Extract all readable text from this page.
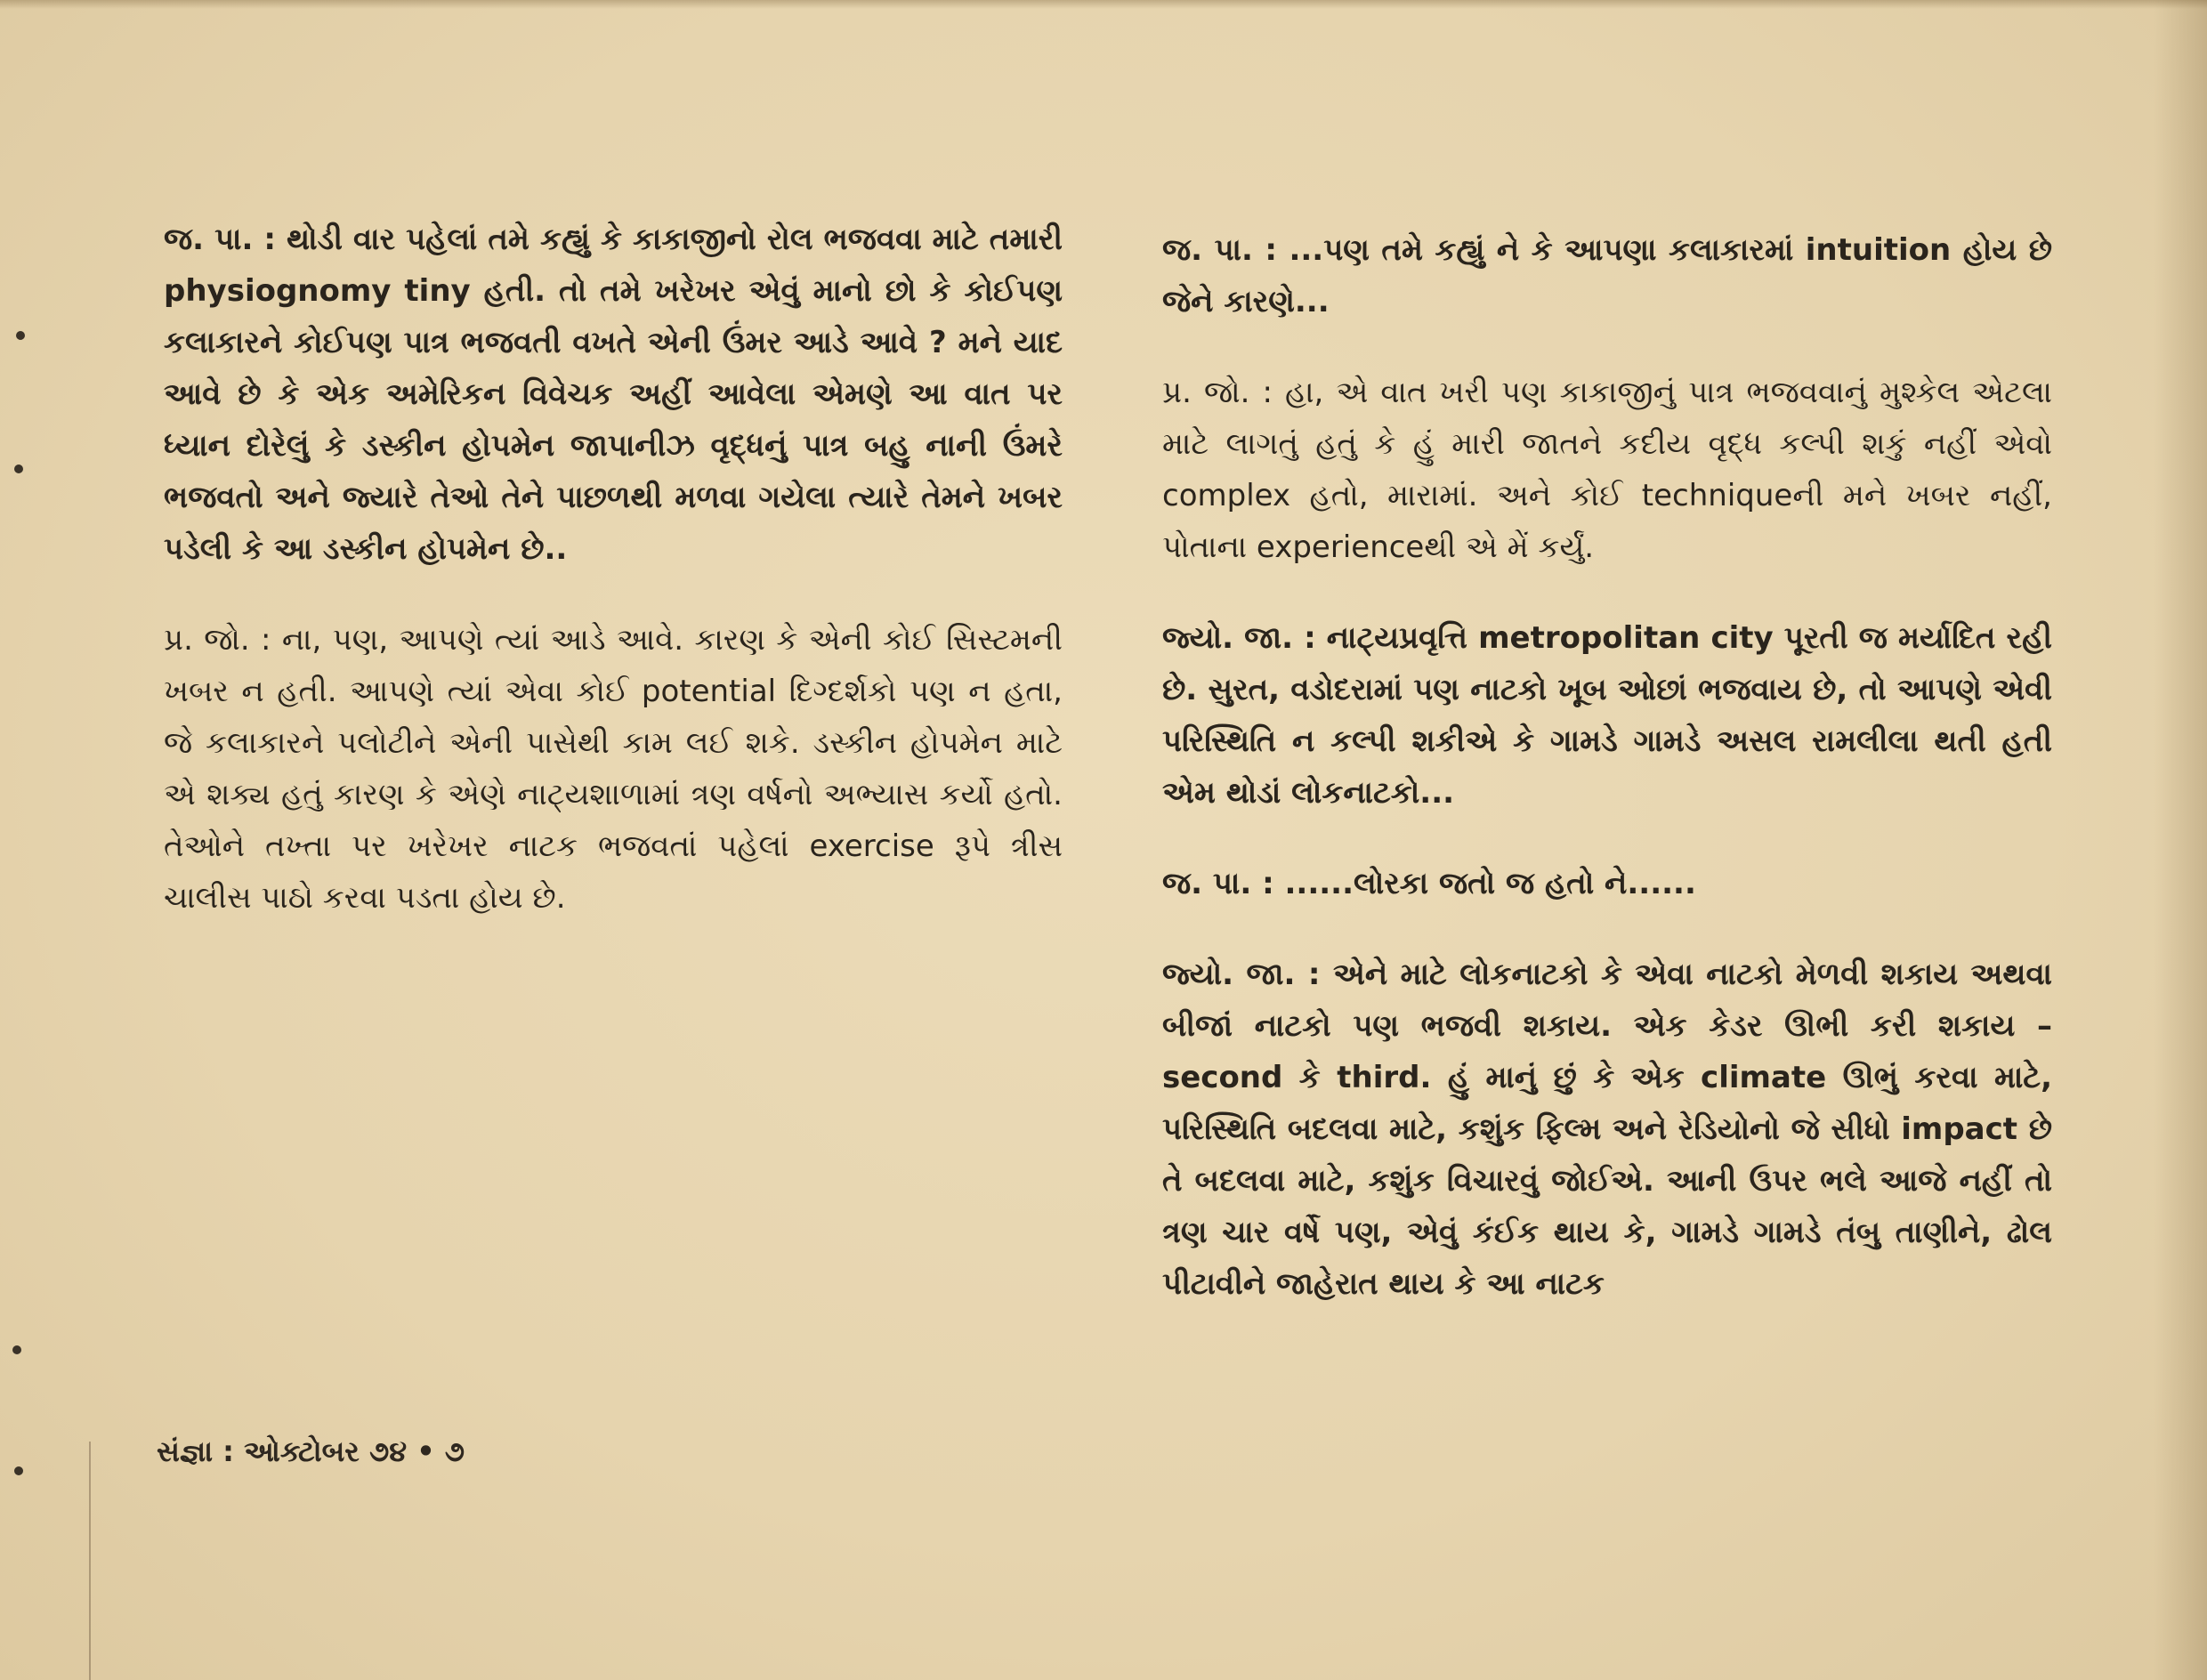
જ. પા. : થોડી વાર પહેલાં તમે કહ્યું કે કાકાજીનો રોલ ભજવવા માટે તમારી physiognomy tiny હતી. તો તમે ખરેખર એવું માનો છો કે કોઈપણ કલાકારને કોઈપણ પાત્ર ભજવતી વખતે એની ઉંમર આડે આવે ? મને યાદ આવે છે કે એક અમેરિકન વિવેચક અહીં આવેલા એમણે આ વાત પર ધ્યાન દોરેલું કે ડસ્કીન હોપમેન જાપાનીઝ વૃદ્ધનું પાત્ર બહુ નાની ઉંમરે ભજવતો અને જ્યારે તેઓ તેને પાછળથી મળવા ગયેલા ત્યારે તેમને ખબર પડેલી કે આ ડસ્કીન હોપમેન છે..

પ્ર. જો. : ના, પણ, આપણે ત્યાં આડે આવે. કારણ કે એની કોઈ સિસ્ટમની ખબર ન હતી. આપણે ત્યાં એવા કોઈ potential દિગ્દર્શકો પણ ન હતા, જે કલાકારને પલોટીને એની પાસેથી કામ લઈ શકે. ડસ્કીન હોપમેન માટે એ શક્ય હતું કારણ કે એણે નાટ્યશાળામાં ત્રણ વર્ષનો અભ્યાસ કર્યો હતો. તેઓને તખ્તા પર ખરેખર નાટક ભજવતાં પહેલાં exercise રૂપે ત્રીસ ચાલીસ પાઠો કરવા પડતા હોય છે.

જ. પા. : ...પણ તમે કહ્યું ને કે આપણા કલાકારમાં intuition હોય છે જેને કારણે...

પ્ર. જો. : હા, એ વાત ખરી પણ કાકાજીનું પાત્ર ભજવવાનું મુશ્કેલ એટલા માટે લાગતું હતું કે હું મારી જાતને કદીય વૃદ્ધ કલ્પી શકું નહીં એવો complex હતો, મારામાં. અને કોઈ techniqueની મને ખબર નહીં, પોતાના experienceથી એ મેં કર્યું.

જ્યો. જા. : નાટ્યપ્રવૃત્તિ metropolitan city પૂરતી જ મર્યાદિત રહી છે. સુરત, વડોદરામાં પણ નાટકો ખૂબ ઓછાં ભજવાય છે, તો આપણે એવી પરિસ્થિતિ ન કલ્પી શકીએ કે ગામડે ગામડે અસલ રામલીલા થતી હતી એમ થોડાં લોકનાટકો...

જ. પા. : ......લોરકા જતો જ હતો ને......

જ્યો. જા. : એને માટે લોકનાટકો કે એવા નાટકો મેળવી શકાય અથવા બીજાં નાટકો પણ ભજવી શકાય. એક કેડર ઊભી કરી શકાય – second કે third. હું માનું છું કે એક climate ઊભું કરવા માટે, પરિસ્થિતિ બદલવા માટે, કશુંક ફિલ્મ અને રેડિયોનો જે સીધો impact છે તે બદલવા માટે, કશુંક વિચારવું જોઈએ. આની ઉપર ભલે આજે નહીં તો ત્રણ ચાર વર્ષે પણ, એવું કંઈક થાય કે, ગામડે ગામડે તંબુ તાણીને, ઢોલ પીટાવીને જાહેરાત થાય કે આ નાટક

સંજ્ઞા : ઓક્ટોબર ૭૪ • ૭
